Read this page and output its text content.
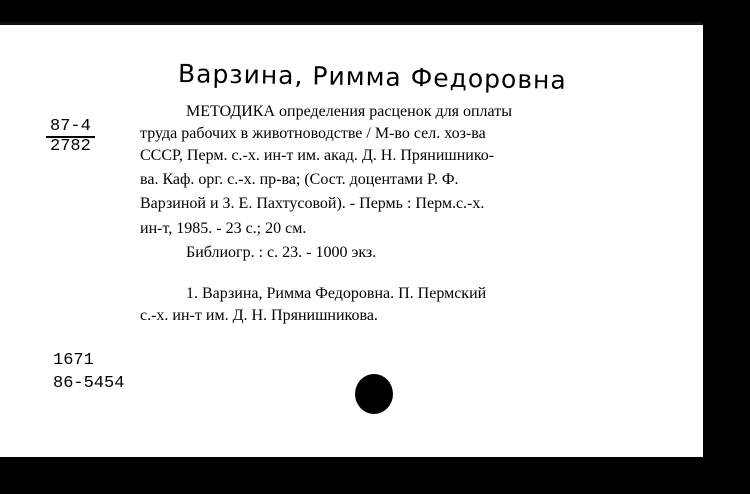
Варзина, Римма Федоровна
87-4
2782
МЕТОДИКА определения расценок для оплаты
труда рабочих в животноводстве / М-во сел. хоз-ва
СССР, Перм. с.-х. ин-т им. акад. Д. Н. Прянишнико-
ва. Каф. орг. с.-х. пр-ва; (Сост. доцентами Р. Ф.
Варзиной и З. Е. Пахтусовой). - Пермь : Перм.с.-х.
ин-т, 1985. - 23 с.; 20 см.
Библиогр. : с. 23. - 1000 экз.
1. Варзина, Римма Федоровна. П. Пермский
с.-х. ин-т им. Д. Н. Прянишникова.
1671
86-5454
